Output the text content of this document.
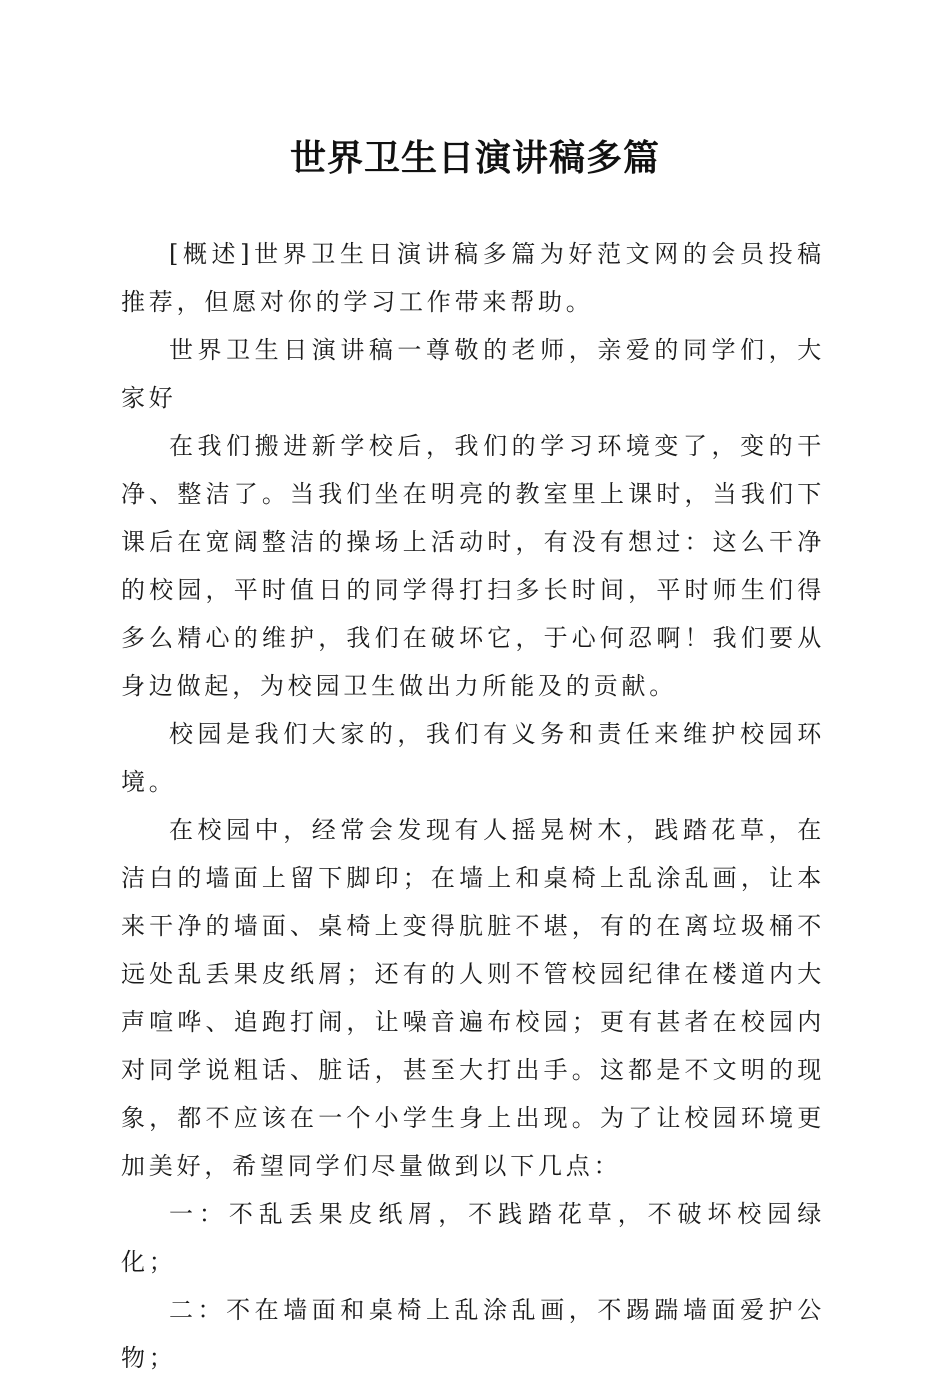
世界卫生日演讲稿多篇

[概述]世界卫生日演讲稿多篇为好范文网的会员投稿推荐，但愿对你的学习工作带来帮助。

世界卫生日演讲稿一尊敬的老师，亲爱的同学们，大家好

在我们搬进新学校后，我们的学习环境变了，变的干净、整洁了。当我们坐在明亮的教室里上课时，当我们下课后在宽阔整洁的操场上活动时，有没有想过：这么干净的校园，平时值日的同学得打扫多长时间，平时师生们得多么精心的维护，我们在破坏它，于心何忍啊！我们要从身边做起，为校园卫生做出力所能及的贡献。

校园是我们大家的，我们有义务和责任来维护校园环境。

在校园中，经常会发现有人摇晃树木，践踏花草，在洁白的墙面上留下脚印；在墙上和桌椅上乱涂乱画，让本来干净的墙面、桌椅上变得肮脏不堪，有的在离垃圾桶不远处乱丢果皮纸屑；还有的人则不管校园纪律在楼道内大声喧哗、追跑打闹，让噪音遍布校园；更有甚者在校园内对同学说粗话、脏话，甚至大打出手。这都是不文明的现象，都不应该在一个小学生身上出现。为了让校园环境更加美好，希望同学们尽量做到以下几点：

一：不乱丢果皮纸屑，不践踏花草，不破坏校园绿化；

二：不在墙面和桌椅上乱涂乱画，不踢踹墙面爱护公物；
